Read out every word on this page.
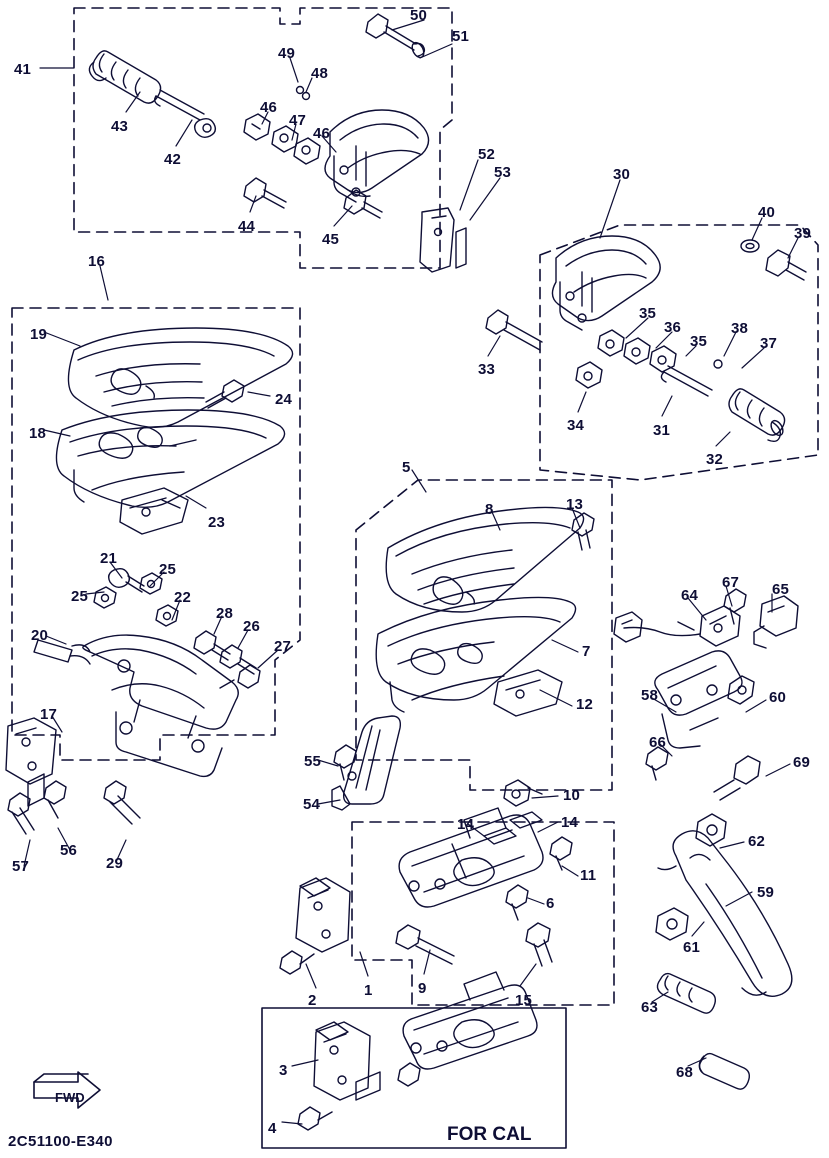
2C51100-E340	FOR CAL
FWD
41
50
51
49
48
46
47
46
43
42
44
45
52
53	30
40
39
16
19
35
36
35
38
37
33
34	31
32
24
18
23
5
8	13
21
25
25	22
28
26
27
20
17
7
12
64
67 65
58	60
66
69
55
54
10
14	14
11
6
56
57	29
62
59
61
63
68
2
1	9
15
3
4
